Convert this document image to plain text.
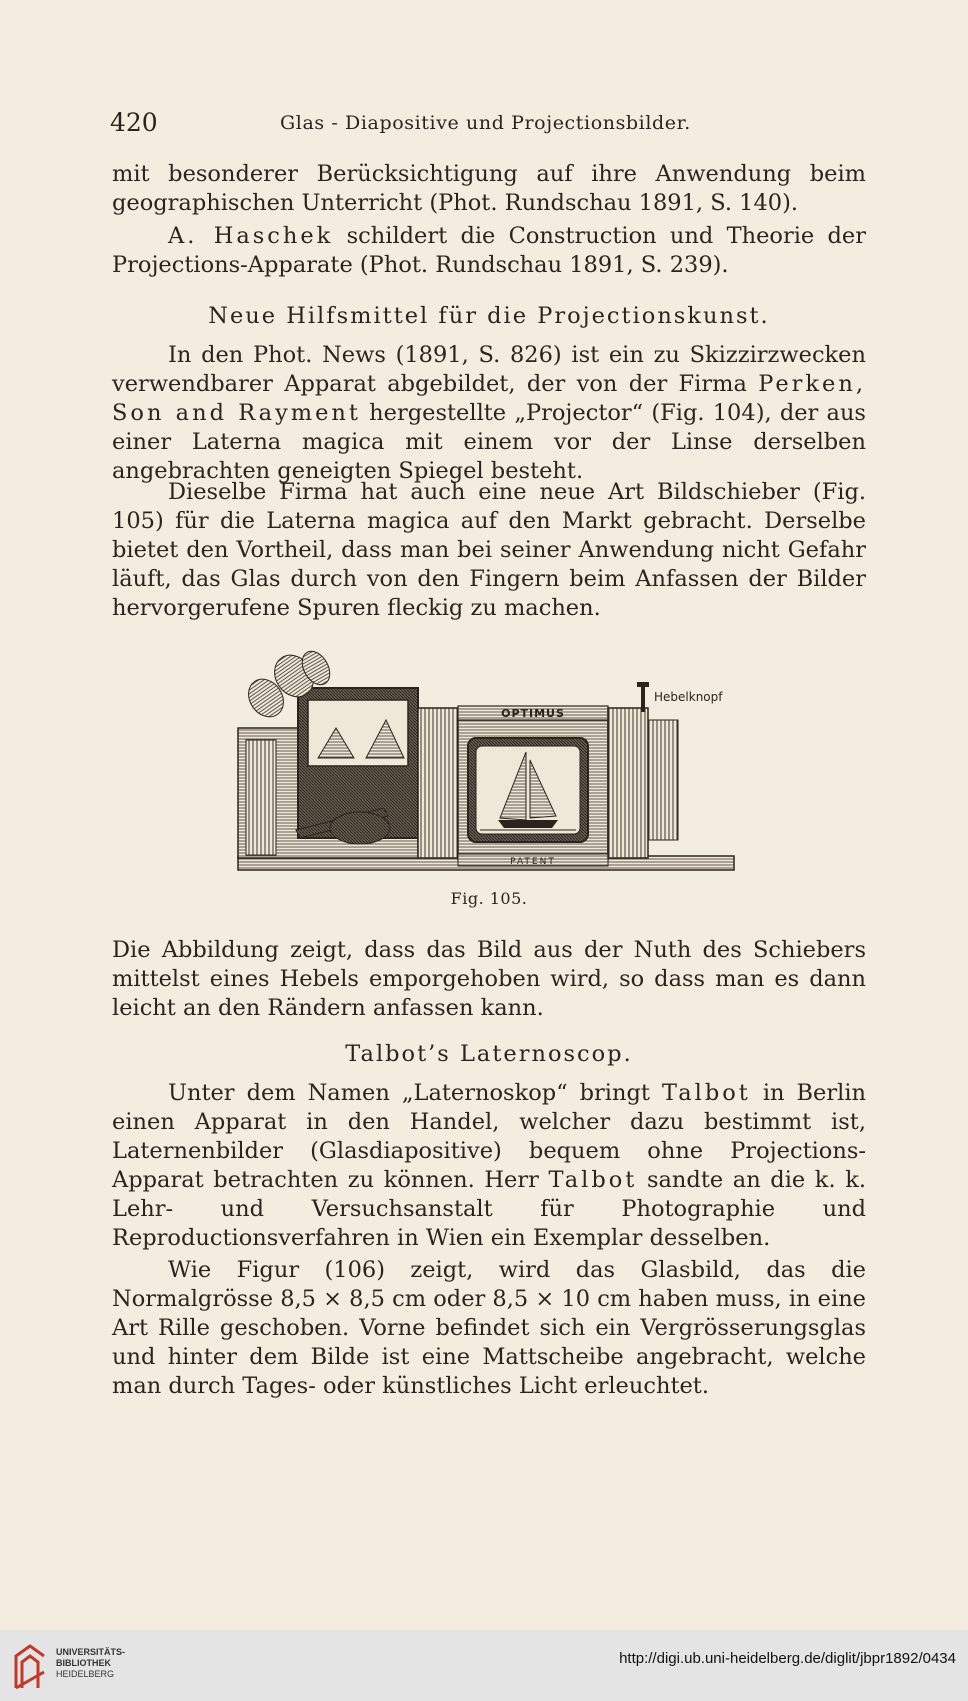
420	Glas - Diapositive und Projectionsbilder.

mit besonderer Berücksichtigung auf ihre Anwendung beim geographischen Unterricht (Phot. Rundschau 1891, S. 140).

A. Haschek schildert die Construction und Theorie der Projections-Apparate (Phot. Rundschau 1891, S. 239).

Neue Hilfsmittel für die Projectionskunst.

In den Phot. News (1891, S. 826) ist ein zu Skizzirzwecken verwendbarer Apparat abgebildet, der von der Firma Perken, Son and Rayment hergestellte „Projector“ (Fig. 104), der aus einer Laterna magica mit einem vor der Linse derselben angebrachten geneigten Spiegel besteht.

Dieselbe Firma hat auch eine neue Art Bildschieber (Fig. 105) für die Laterna magica auf den Markt gebracht. Derselbe bietet den Vortheil, dass man bei seiner Anwendung nicht Gefahr läuft, das Glas durch von den Fingern beim Anfassen der Bilder hervorgerufene Spuren fleckig zu machen.

OPTIMUS
PATENT
Hebelknopf
Fig. 105.

Die Abbildung zeigt, dass das Bild aus der Nuth des Schiebers mittelst eines Hebels emporgehoben wird, so dass man es dann leicht an den Rändern anfassen kann.

Talbot’s Laternoscop.

Unter dem Namen „Laternoskop“ bringt Talbot in Berlin einen Apparat in den Handel, welcher dazu bestimmt ist, Laternenbilder (Glasdiapositive) bequem ohne Projections-Apparat betrachten zu können. Herr Talbot sandte an die k. k. Lehr- und Versuchsanstalt für Photographie und Reproductionsverfahren in Wien ein Exemplar desselben.

Wie Figur (106) zeigt, wird das Glasbild, das die Normalgrösse 8,5 × 8,5 cm oder 8,5 × 10 cm haben muss, in eine Art Rille geschoben. Vorne befindet sich ein Vergrösserungsglas und hinter dem Bilde ist eine Mattscheibe angebracht, welche man durch Tages- oder künstliches Licht erleuchtet.

UNIVERSITÄTS-
BIBLIOTHEK
HEIDELBERG
http://digi.ub.uni-heidelberg.de/diglit/jbpr1892/0434
